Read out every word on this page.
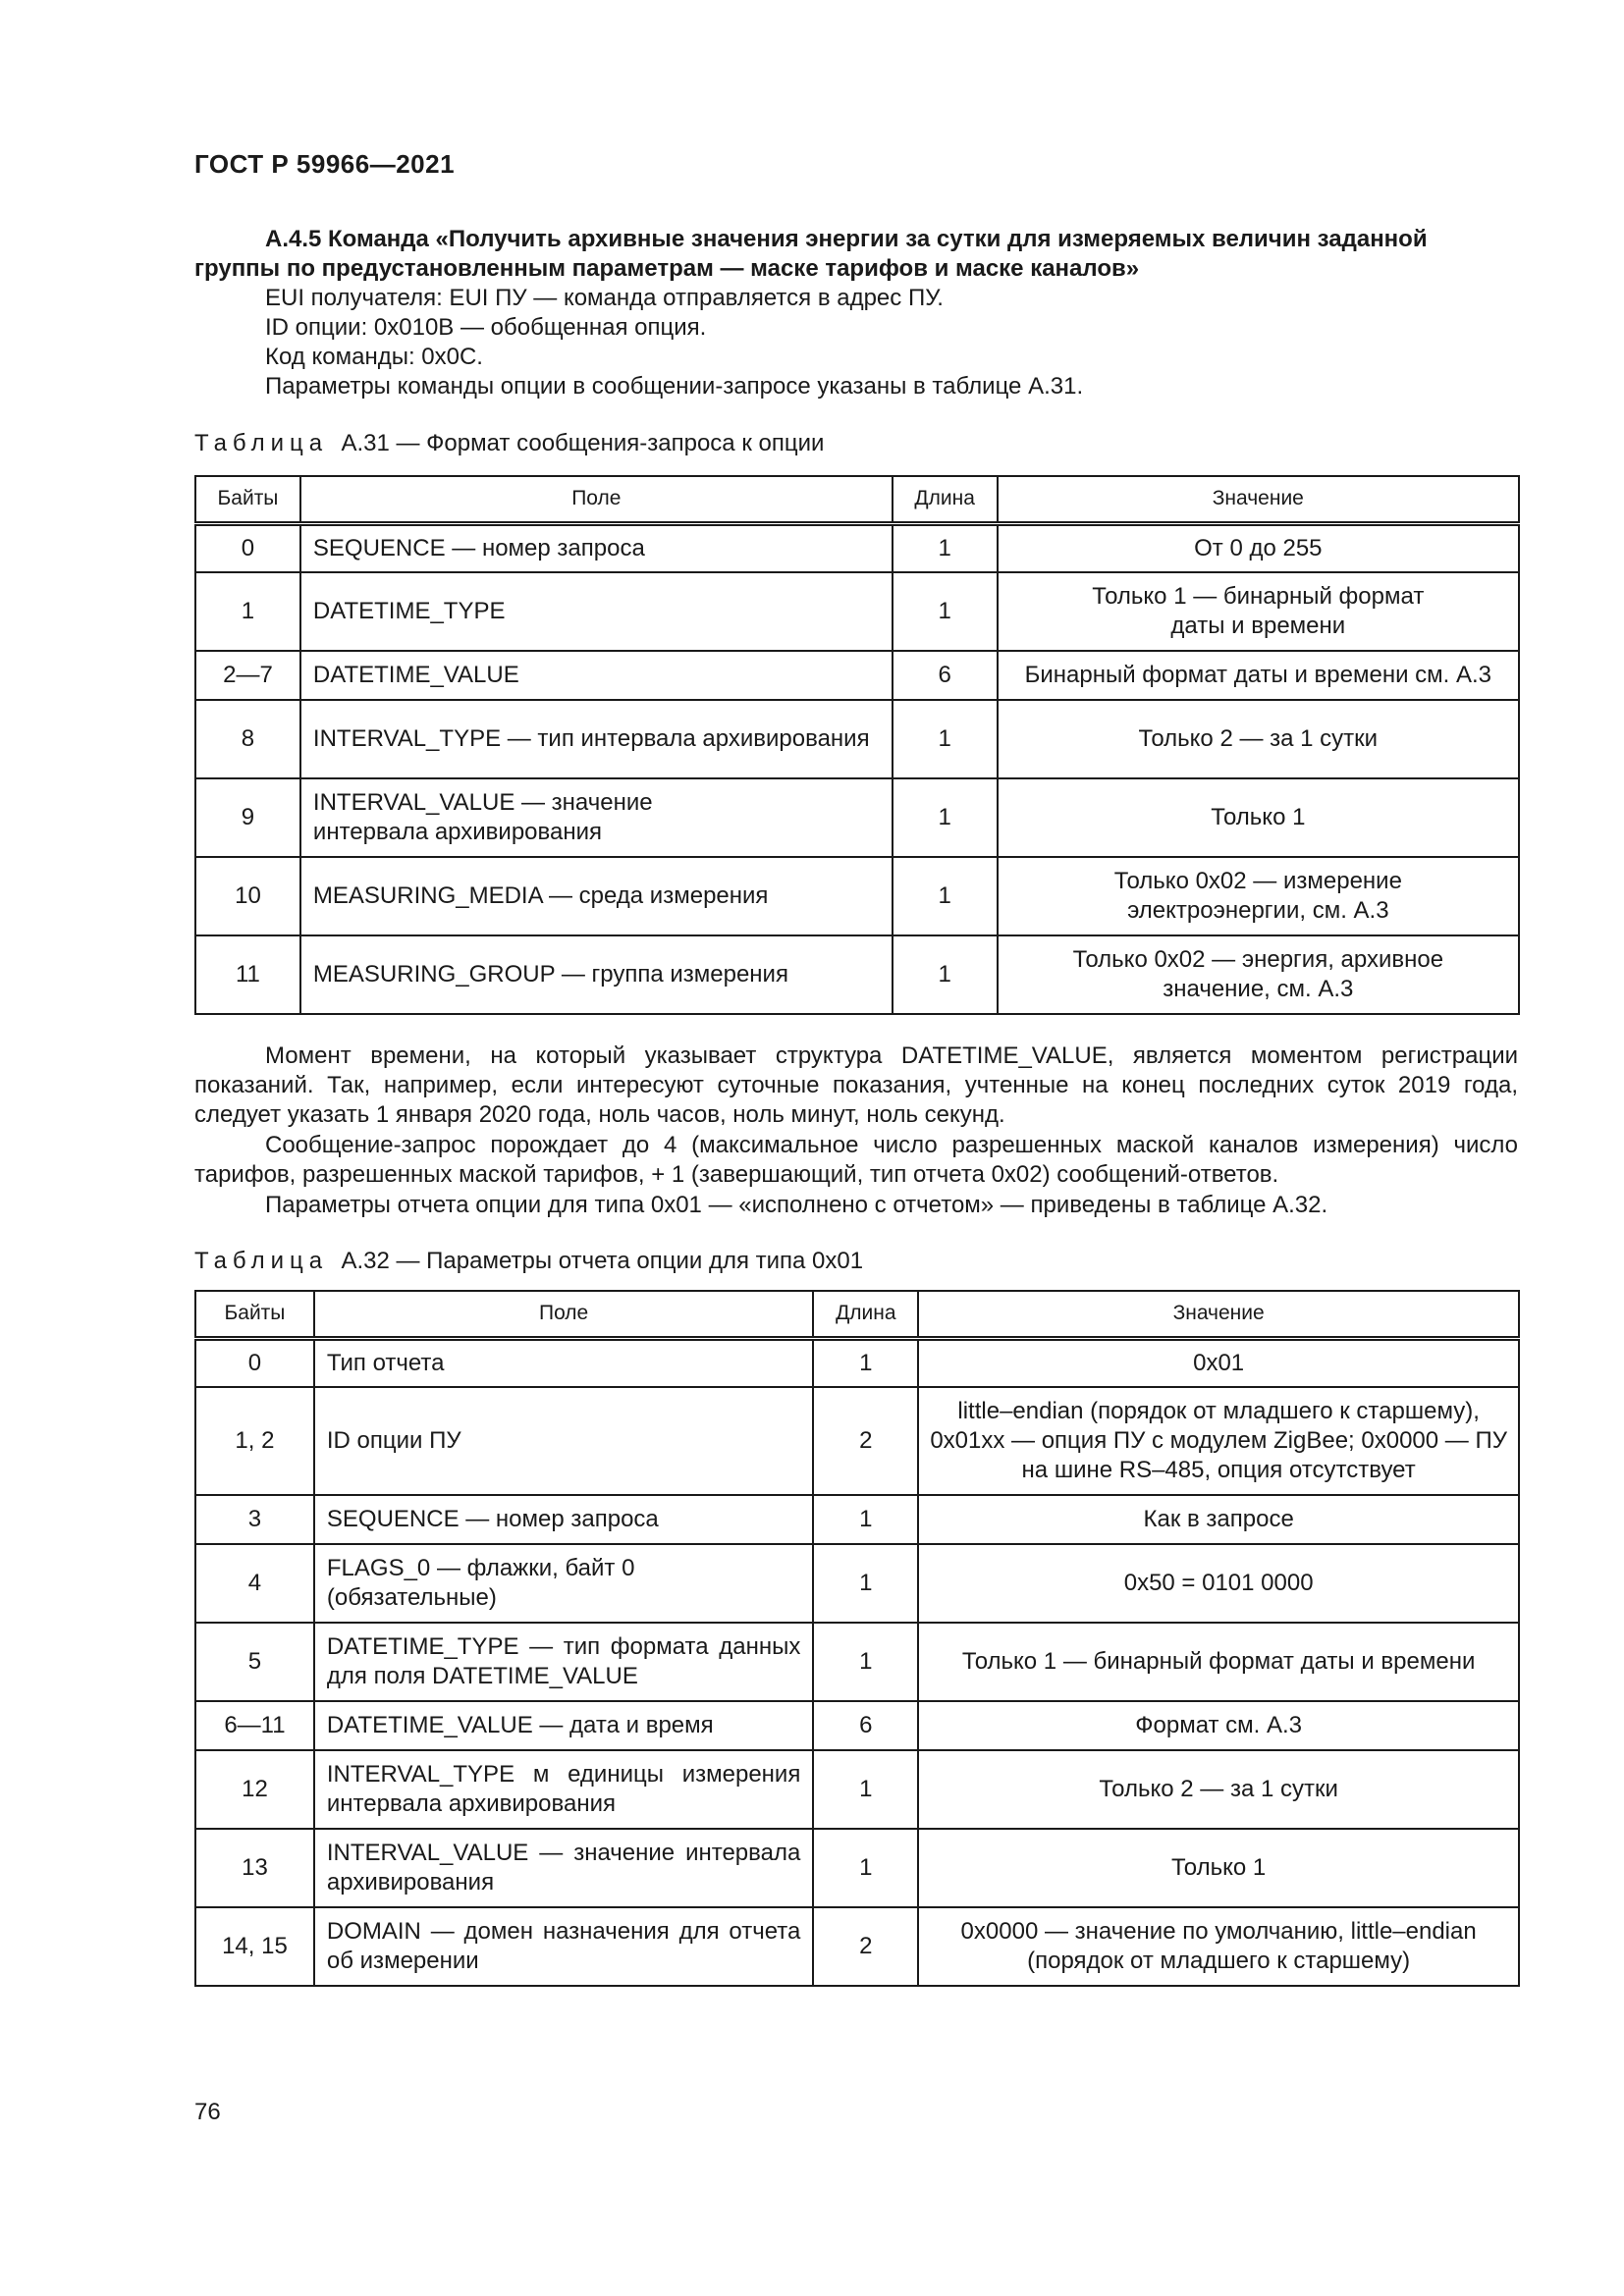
ГОСТ Р 59966—2021
А.4.5 Команда «Получить архивные значения энергии за сутки для измеряемых величин заданной группы по предустановленным параметрам — маске тарифов и маске каналов»
EUI получателя: EUI ПУ — команда отправляется в адрес ПУ.
ID опции: 0x010B — обобщенная опция.
Код команды: 0x0C.
Параметры команды опции в сообщении-запросе указаны в таблице А.31.
Таблица А.31 — Формат сообщения-запроса к опции
Байты	Поле	Длина	Значение
0	SEQUENCE — номер запроса	1	От 0 до 255
1	DATETIME_TYPE	1	Только 1 — бинарный формат даты и времени
2—7	DATETIME_VALUE	6	Бинарный формат даты и времени см. А.3
8	INTERVAL_TYPE — тип интервала архивирования	1	Только 2 — за 1 сутки
9	INTERVAL_VALUE — значение интервала архивирования	1	Только 1
10	MEASURING_MEDIA — среда измерения	1	Только 0x02 — измерение электроэнергии, см. А.3
11	MEASURING_GROUP — группа измерения	1	Только 0x02 — энергия, архивное значение, см. А.3
Момент времени, на который указывает структура DATETIME_VALUE, является моментом регистрации показаний. Так, например, если интересуют суточные показания, учтенные на конец последних суток 2019 года, следует указать 1 января 2020 года, ноль часов, ноль минут, ноль секунд.
Сообщение-запрос порождает до 4 (максимальное число разрешенных маской каналов измерения) число тарифов, разрешенных маской тарифов, + 1 (завершающий, тип отчета 0x02) сообщений-ответов.
Параметры отчета опции для типа 0x01 — «исполнено с отчетом» — приведены в таблице А.32.
Таблица А.32 — Параметры отчета опции для типа 0x01
Байты	Поле	Длина	Значение
0	Тип отчета	1	0x01
1, 2	ID опции ПУ	2	little–endian (порядок от младшего к старшему), 0x01xx — опция ПУ с модулем ZigBee; 0x0000 — ПУ на шине RS–485, опция отсутствует
3	SEQUENCE — номер запроса	1	Как в запросе
4	FLAGS_0 — флажки, байт 0 (обязательные)	1	0x50 = 0101 0000
5	DATETIME_TYPE — тип формата данных для поля DATETIME_VALUE	1	Только 1 — бинарный формат даты и времени
6—11	DATETIME_VALUE — дата и время	6	Формат см. А.3
12	INTERVAL_TYPE м единицы измерения интервала архивирования	1	Только 2 — за 1 сутки
13	INTERVAL_VALUE — значение интервала архивирования	1	Только 1
14, 15	DOMAIN — домен назначения для отчета об измерении	2	0x0000 — значение по умолчанию, little–endian (порядок от младшего к старшему)
76
